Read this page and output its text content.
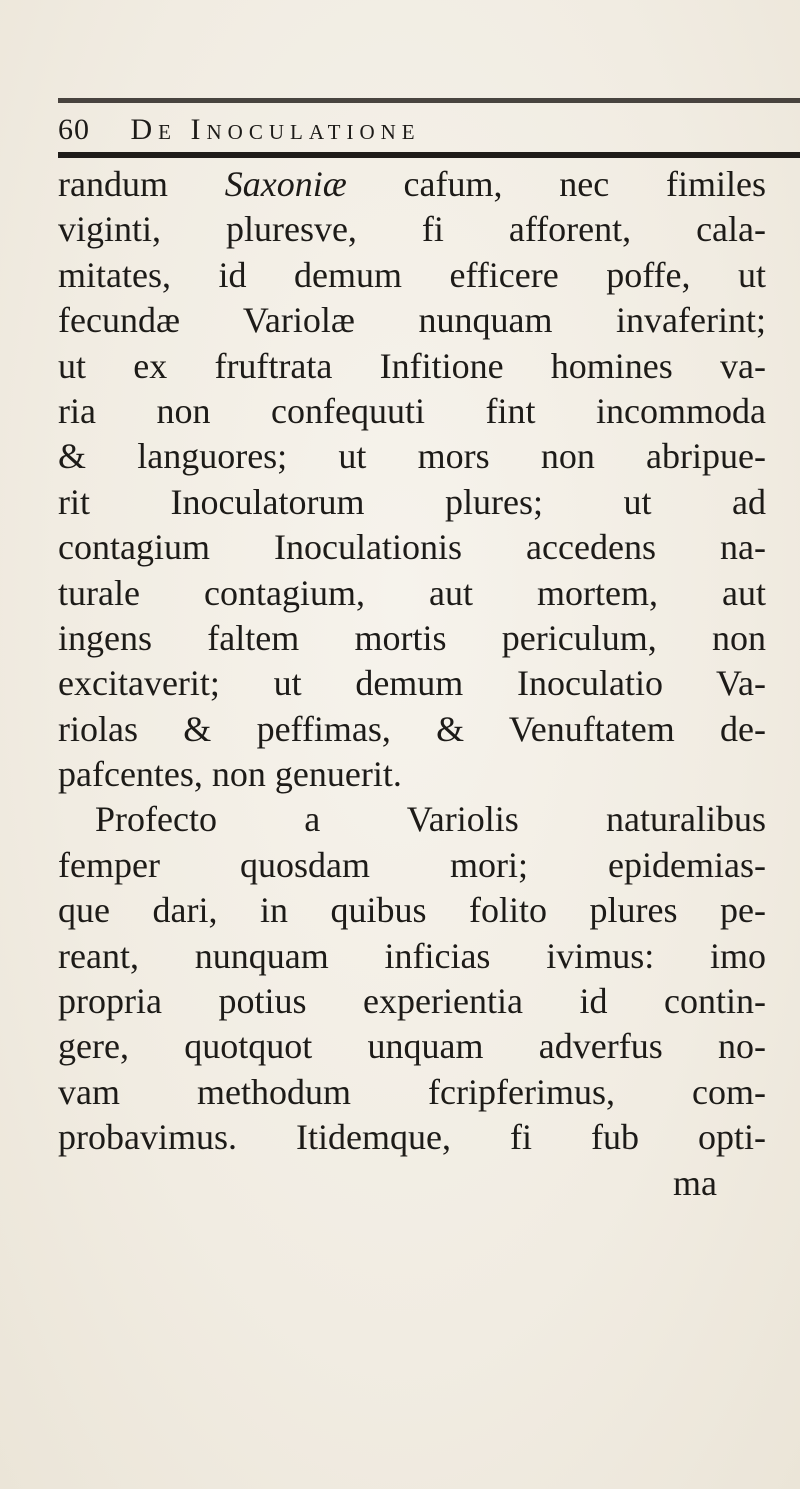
60 De Inoculatione
randum Saxoniæ cafum, nec fimiles
viginti, pluresve, fi afforent, cala-
mitates, id demum efficere poffe, ut
fecundæ Variolæ nunquam invaferint;
ut ex fruftrata Infitione homines va-
ria non confequuti fint incommoda
& languores; ut mors non abripue-
rit Inoculatorum plures; ut ad
contagium Inoculationis accedens na-
turale contagium, aut mortem, aut
ingens faltem mortis periculum, non
excitaverit; ut demum Inoculatio Va-
riolas & peffimas, & Venuftatem de-
pafcentes, non genuerit.
Profecto a Variolis naturalibus
femper quosdam mori; epidemias-
que dari, in quibus folito plures pe-
reant, nunquam inficias ivimus: imo
propria potius experientia id contin-
gere, quotquot unquam adverfus no-
vam methodum fcripferimus, com-
probavimus. Itidemque, fi fub opti-
ma
